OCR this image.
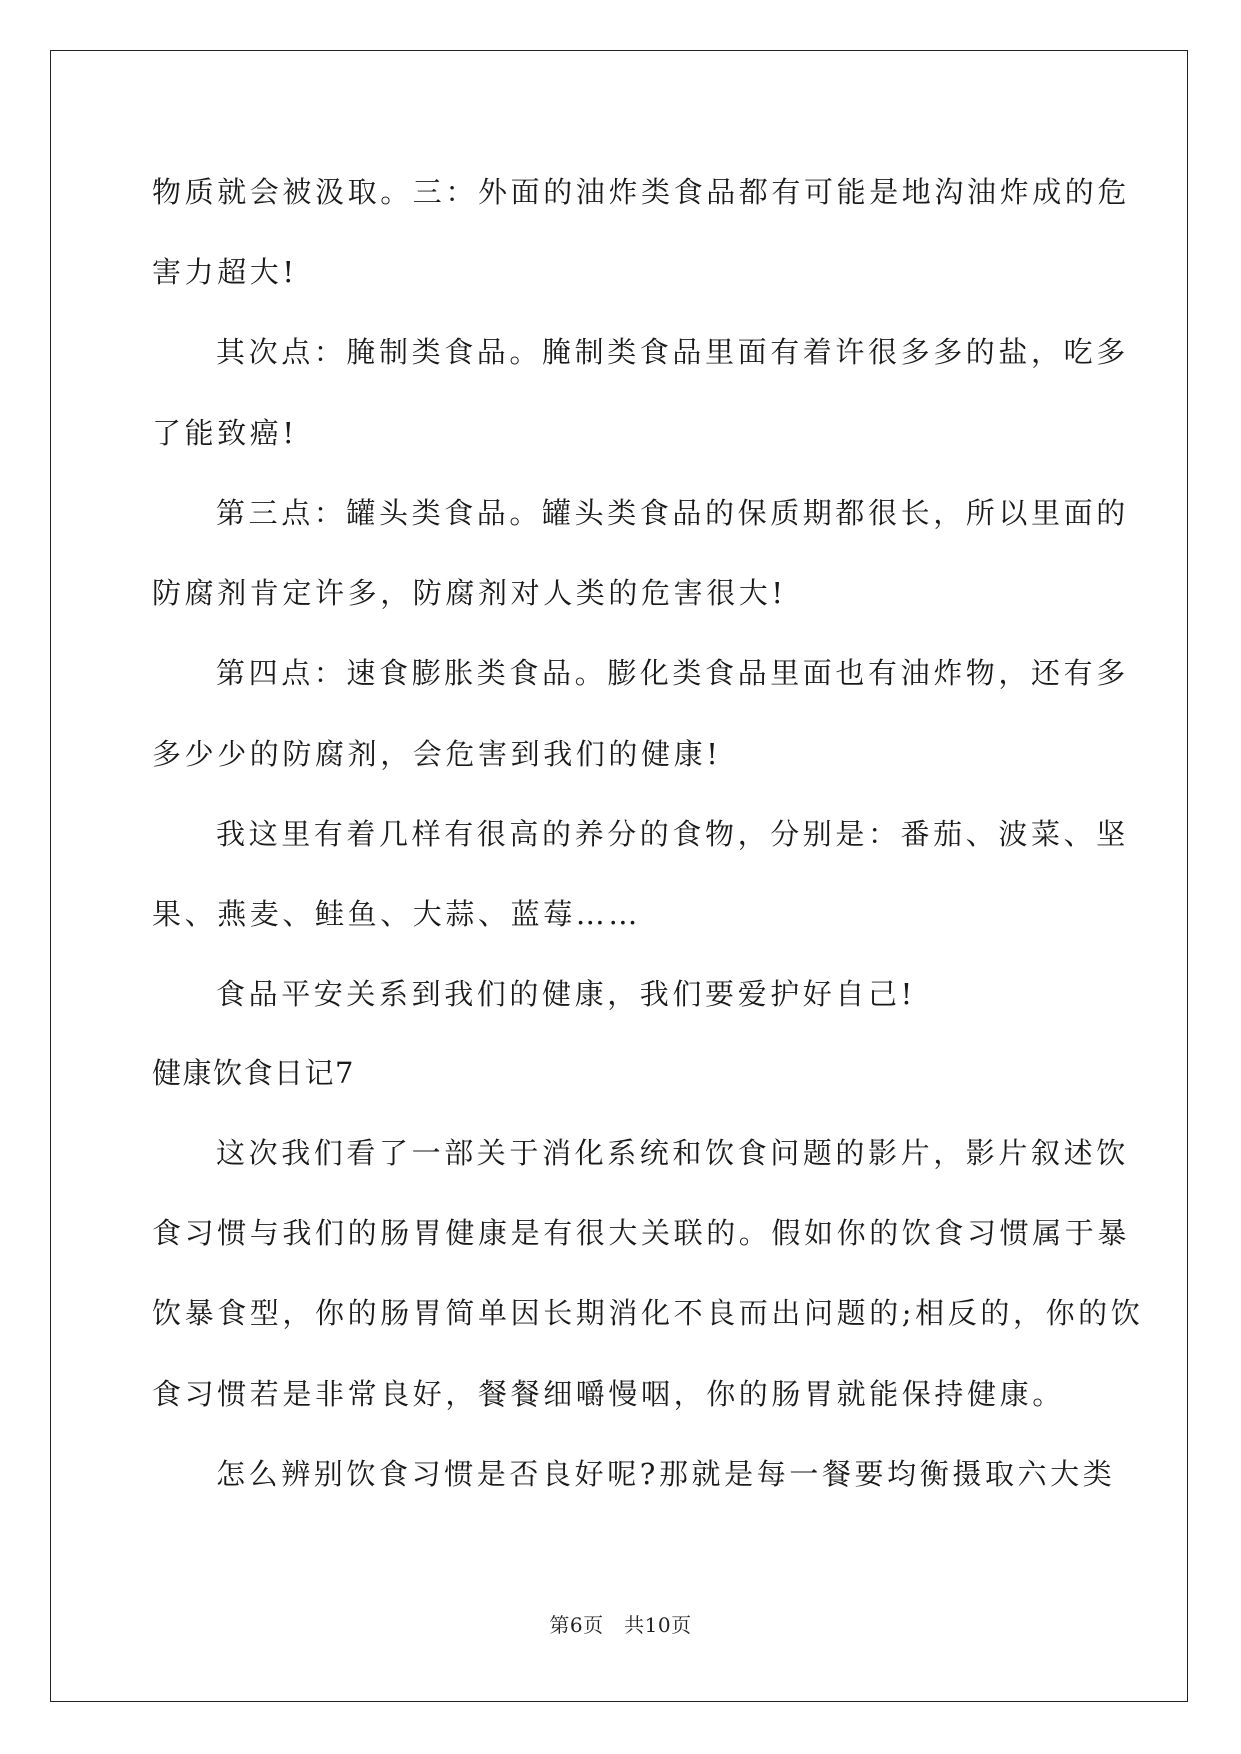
物质就会被汲取。三：外面的油炸类食品都有可能是地沟油炸成的危
害力超大!
其次点：腌制类食品。腌制类食品里面有着许很多多的盐，吃多
了能致癌!
第三点：罐头类食品。罐头类食品的保质期都很长，所以里面的
防腐剂肯定许多，防腐剂对人类的危害很大!
第四点：速食膨胀类食品。膨化类食品里面也有油炸物，还有多
多少少的防腐剂，会危害到我们的健康!
我这里有着几样有很高的养分的食物，分别是：番茄、波菜、坚
果、燕麦、鲑鱼、大蒜、蓝莓……
食品平安关系到我们的健康，我们要爱护好自己!
健康饮食日记7
这次我们看了一部关于消化系统和饮食问题的影片，影片叙述饮
食习惯与我们的肠胃健康是有很大关联的。假如你的饮食习惯属于暴
饮暴食型，你的肠胃简单因长期消化不良而出问题的;相反的，你的饮
食习惯若是非常良好，餐餐细嚼慢咽，你的肠胃就能保持健康。
怎么辨别饮食习惯是否良好呢?那就是每一餐要均衡摄取六大类
第6页　共10页
